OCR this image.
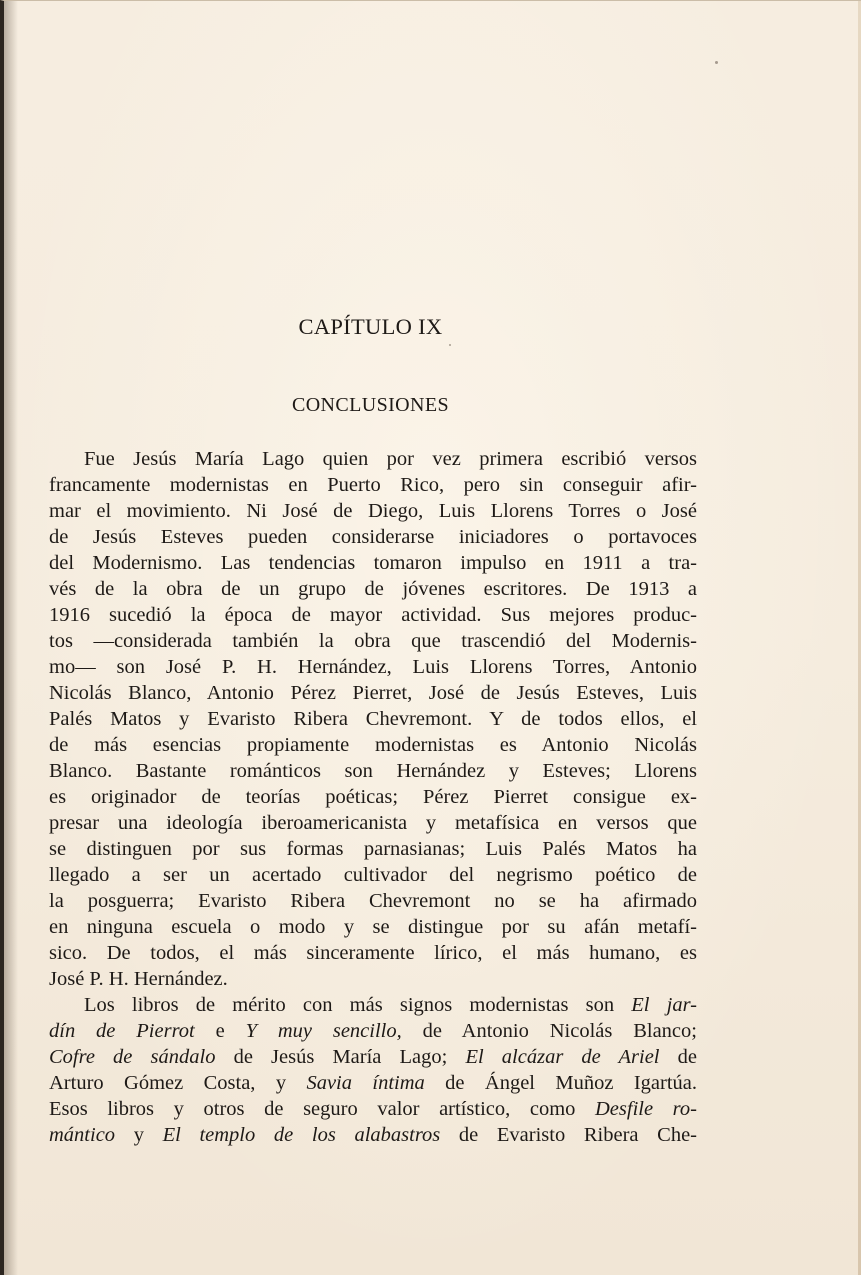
CAPÍTULO IX
CONCLUSIONES
Fue Jesús María Lago quien por vez primera escribió versos
francamente modernistas en Puerto Rico, pero sin conseguir afir-
mar el movimiento. Ni José de Diego, Luis Llorens Torres o José
de Jesús Esteves pueden considerarse iniciadores o portavoces
del Modernismo. Las tendencias tomaron impulso en 1911 a tra-
vés de la obra de un grupo de jóvenes escritores. De 1913 a
1916 sucedió la época de mayor actividad. Sus mejores produc-
tos —considerada también la obra que trascendió del Modernis-
mo— son José P. H. Hernández, Luis Llorens Torres, Antonio
Nicolás Blanco, Antonio Pérez Pierret, José de Jesús Esteves, Luis
Palés Matos y Evaristo Ribera Chevremont. Y de todos ellos, el
de más esencias propiamente modernistas es Antonio Nicolás
Blanco. Bastante románticos son Hernández y Esteves; Llorens
es originador de teorías poéticas; Pérez Pierret consigue ex-
presar una ideología iberoamericanista y metafísica en versos que
se distinguen por sus formas parnasianas; Luis Palés Matos ha
llegado a ser un acertado cultivador del negrismo poético de
la posguerra; Evaristo Ribera Chevremont no se ha afirmado
en ninguna escuela o modo y se distingue por su afán metafí-
sico. De todos, el más sinceramente lírico, el más humano, es
José P. H. Hernández.
Los libros de mérito con más signos modernistas son El jar-
dín de Pierrot e Y muy sencillo, de Antonio Nicolás Blanco;
Cofre de sándalo de Jesús María Lago; El alcázar de Ariel de
Arturo Gómez Costa, y Savia íntima de Ángel Muñoz Igartúa.
Esos libros y otros de seguro valor artístico, como Desfile ro-
mántico y El templo de los alabastros de Evaristo Ribera Che-
